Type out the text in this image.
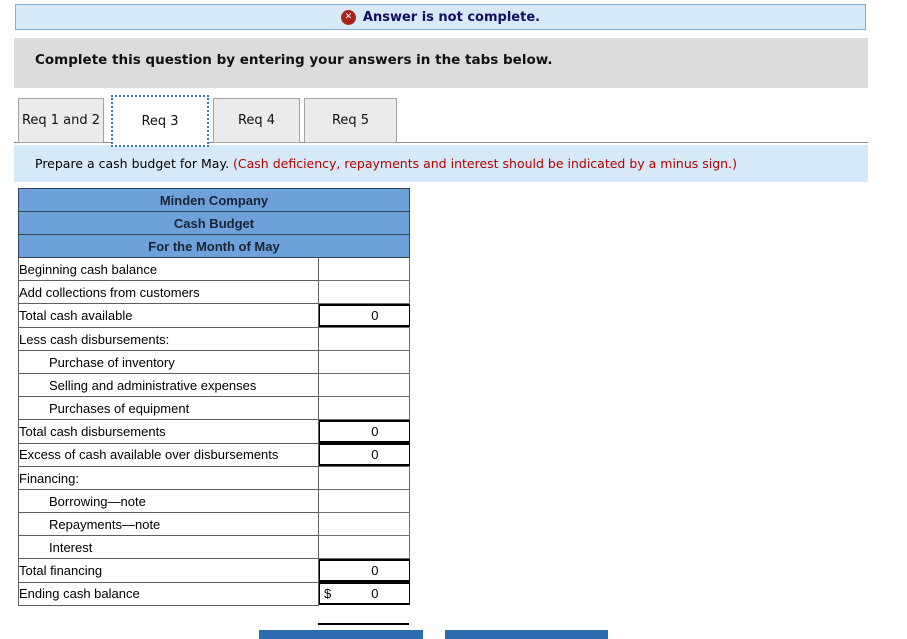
✕ Answer is not complete.
Complete this question by entering your answers in the tabs below.
Req 1 and 2	Req 3	Req 4	Req 5
Prepare a cash budget for May. (Cash deficiency, repayments and interest should be indicated by a minus sign.)
Minden Company	
Cash Budget	
For the Month of May	
Beginning cash balance	
Add collections from customers	
Total cash available		0

Less cash disbursements:	
Purchase of inventory	
Selling and administrative expenses	
Purchases of equipment	
Total cash disbursements		0

Excess of cash available over disbursements		0

Financing:	
Borrowing—note	
Repayments—note	
Interest	
Total financing		0

Ending cash balance		$	0
